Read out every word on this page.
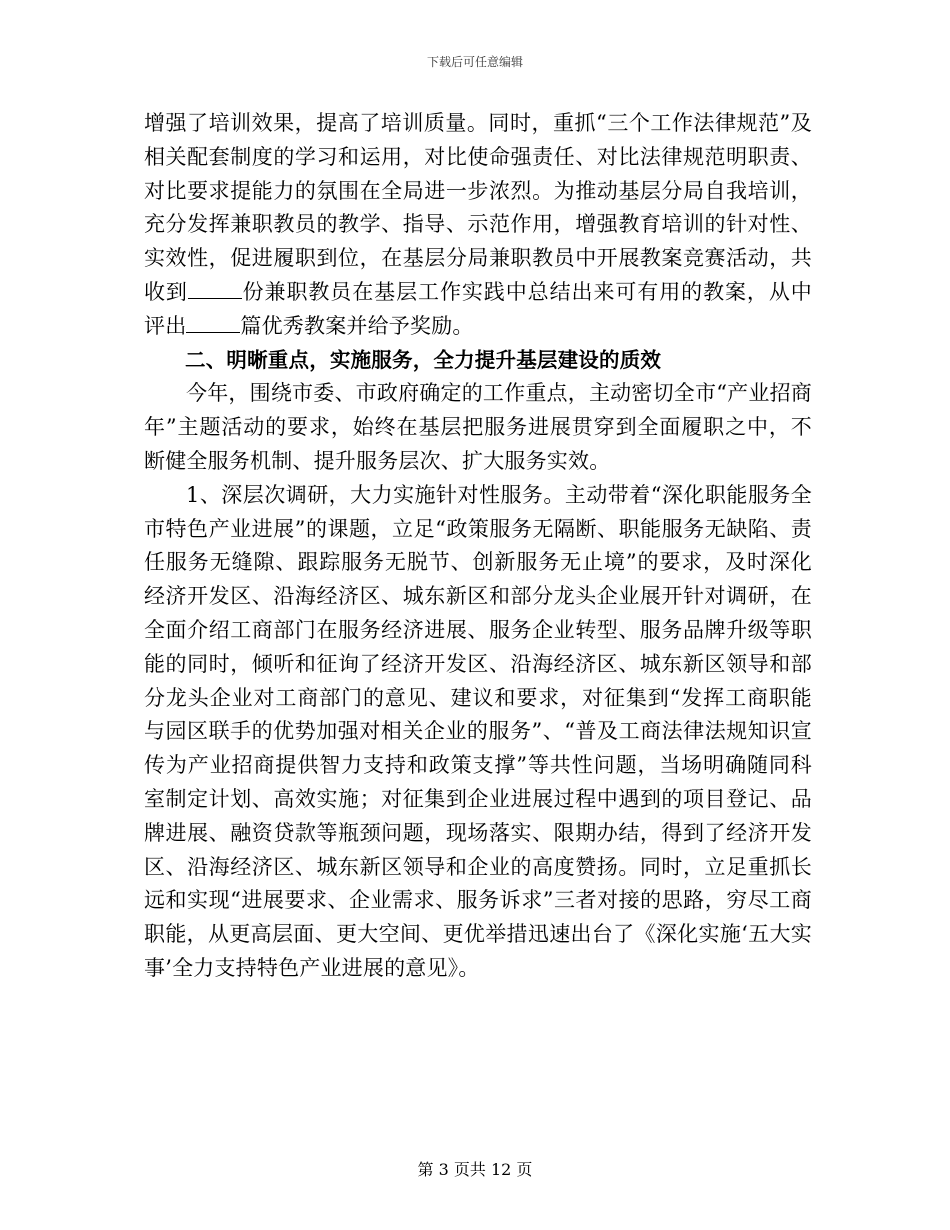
下载后可任意编辑

增强了培训效果，提高了培训质量。同时，重抓“三个工作法律规范”及相关配套制度的学习和运用，对比使命强责任、对比法律规范明职责、对比要求提能力的氛围在全局进一步浓烈。为推动基层分局自我培训，充分发挥兼职教员的教学、指导、示范作用，增强教育培训的针对性、实效性，促进履职到位，在基层分局兼职教员中开展教案竞赛活动，共收到	份兼职教员在基层工作实践中总结出来可有用的教案，从中评出	篇优秀教案并给予奖励。

二、明晰重点，实施服务，全力提升基层建设的质效

今年，围绕市委、市政府确定的工作重点，主动密切全市“产业招商年”主题活动的要求，始终在基层把服务进展贯穿到全面履职之中，不断健全服务机制、提升服务层次、扩大服务实效。

1、深层次调研，大力实施针对性服务。主动带着“深化职能服务全市特色产业进展”的课题，立足“政策服务无隔断、职能服务无缺陷、责任服务无缝隙、跟踪服务无脱节、创新服务无止境”的要求，及时深化经济开发区、沿海经济区、城东新区和部分龙头企业展开针对调研，在全面介绍工商部门在服务经济进展、服务企业转型、服务品牌升级等职能的同时，倾听和征询了经济开发区、沿海经济区、城东新区领导和部分龙头企业对工商部门的意见、建议和要求，对征集到“发挥工商职能与园区联手的优势加强对相关企业的服务”、“普及工商法律法规知识宣传为产业招商提供智力支持和政策支撑”等共性问题，当场明确随同科室制定计划、高效实施；对征集到企业进展过程中遇到的项目登记、品牌进展、融资贷款等瓶颈问题，现场落实、限期办结，得到了经济开发区、沿海经济区、城东新区领导和企业的高度赞扬。同时，立足重抓长远和实现“进展要求、企业需求、服务诉求”三者对接的思路，穷尽工商职能，从更高层面、更大空间、更优举措迅速出台了《深化实施‘五大实事’全力支持特色产业进展的意见》。

第 3 页共 12 页
